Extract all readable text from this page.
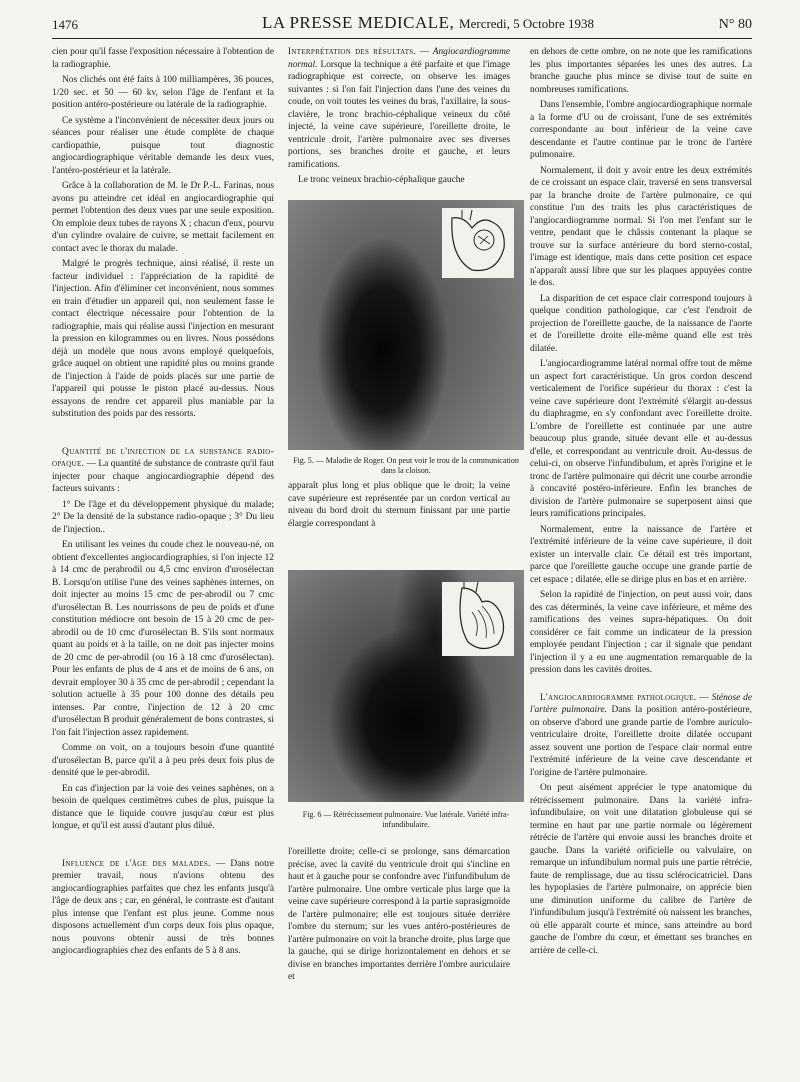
1476	LA PRESSE MEDICALE, Mercredi, 5 Octobre 1938	N° 80

cien pour qu'il fasse l'exposition nécessaire à l'obtention de la radiographie.

Nos clichés ont été faits à 100 milliampères, 36 pouces, 1/20 sec. et 50 — 60 kv, selon l'âge de l'enfant et la position antéro-postérieure ou latérale de la radiographie.

Ce système a l'inconvénient de nécessiter deux jours ou séances pour réaliser une étude complète de chaque cardiopathie, puisque tout diagnostic angiocardiographique véritable demande les deux vues, l'antéro-postérieur et la latérale.

Grâce à la collaboration de M. le Dr P.-L. Farinas, nous avons pu atteindre cet idéal en angiocardiographie qui permet l'obtention des deux vues par une seule exposition. On emploie deux tubes de rayons X ; chacun d'eux, pourvu d'un cylindre ovalaire de cuivre, se mettait facilement en contact avec le thorax du malade.

Malgré le progrès technique, ainsi réalisé, il reste un facteur individuel : l'appréciation de la rapidité de l'injection. Afin d'éliminer cet inconvénient, nous sommes en train d'étudier un appareil qui, non seulement fasse le contact électrique nécessaire pour l'obtention de la radiographie, mais qui réalise aussi l'injection en mesurant la pression en kilogrammes ou en livres. Nous possédons déjà un modèle que nous avons employé quelquefois, grâce auquel on obtient une rapidité plus ou moins grande de l'injection à l'aide de poids placés sur une partie de l'appareil qui pousse le piston placé au-dessus. Nous essayons de rendre cet appareil plus maniable par la substitution des poids par des ressorts.

Quantité de l'injection de la substance radio-opaque. — La quantité de substance de contraste qu'il faut injecter pour chaque angiocardiographie dépend des facteurs suivants :

1° De l'âge et du développement physique du malade; 2° De la densité de la substance radio-opaque ; 3° Du lieu de l'injection..

En utilisant les veines du coude chez le nouveau-né, on obtient d'excellentes angiocardiographies, si l'on injecte 12 à 14 cmc de perabrodil ou 4,5 cmc environ d'urosélectan B. Lorsqu'on utilise l'une des veines saphènes internes, on doit injecter au moins 15 cmc de per-abrodil ou 7 cmc d'urosélectan B. Les nourrissons de peu de poids et d'une constitution médiocre ont besoin de 15 à 20 cmc de per-abrodil ou de 10 cmc d'urosélectan B. S'ils sont normaux quant au poids et à la taille, on ne doit pas injecter moins de 20 cmc de per-abrodil (ou 16 à 18 cmc d'urosélectan). Pour les enfants de plus de 4 ans et de moins de 6 ans, on devrait employer 30 à 35 cmc de per-abrodil ; cependant la solution actuelle à 35 pour 100 donne des détails peu intenses. Par contre, l'injection de 12 à 20 cmc d'urosélectan B produit généralement de bons contrastes, si l'on fait l'injection assez rapidement.

Comme on voit, on a toujours besoin d'une quantité d'urosélectan B, parce qu'il a à peu près deux fois plus de densité que le per-abrodil.

En cas d'injection par la voie des veines saphènes, on a besoin de quelques centimètres cubes de plus, puisque la distance que le liquide couvre jusqu'au cœur est plus longue, et qu'il est aussi d'autant plus dilué.

Influence de l'âge des malades. — Dans notre premier travail, nous n'avions obtenu des angiocardiographies parfaites que chez les enfants jusqu'à l'âge de deux ans ; car, en général, le contraste est d'autant plus intense que l'enfant est plus jeune. Comme nous disposons actuellement d'un corps deux fois plus opaque, nous pouvons obtenir aussi de très bonnes angiocardiographies chez des enfants de 5 à 8 ans.

Interprétation des résultats. — Angiocardiogramme normal. Lorsque la technique a été parfaite et que l'image radiographique est correcte, on observe les images suivantes : si l'on fait l'injection dans l'une des veines du coude, on voit toutes les veines du bras, l'axillaire, la sous-clavière, le tronc brachio-céphalique veineux du côté injecté, la veine cave supérieure, l'oreillette droite, le ventricule droit, l'artère pulmonaire avec ses diverses portions, ses branches droite et gauche, et leurs ramifications.

Le tronc veineux brachio-céphalique gauche

Fig. 5. — Maladie de Roger. On peut voir le trou de la communication dans la cloison.

apparaît plus long et plus oblique que le droit; la veine cave supérieure est représentée par un cordon vertical au niveau du bord droit du sternum finissant par une partie élargie correspondant à

Fig. 6 — Rétrécissement pulmonaire. Vue latérale. Variété infra-infundibulaire.

l'oreillette droite; celle-ci se prolonge, sans démarcation précise, avec la cavité du ventricule droit qui s'incline en haut et à gauche pour se confondre avec l'infundibulum de l'artère pulmonaire. Une ombre verticale plus large que la veine cave supérieure correspond à la partie suprasigmoïde de l'artère pulmonaire; elle est toujours située derrière l'ombre du sternum; sur les vues antéro-postérieures de l'artère pulmonaire on voit la branche droite, plus large que la gauche, qui se dirige horizontalement en dehors et se divise en branches importantes derrière l'ombre auriculaire et

en dehors de cette ombre, on ne note que les ramifications les plus importantes séparées les unes des autres. La branche gauche plus mince se divise tout de suite en nombreuses ramifications.

Dans l'ensemble, l'ombre angiocardiographique normale a la forme d'U ou de croissant, l'une de ses extrémités correspondante au bout inférieur de la veine cave descendante et l'autre continue par le tronc de l'artère pulmonaire.

Normalement, il doit y avoir entre les deux extrémités de ce croissant un espace clair, traversé en sens transversal par la branche droite de l'artère pulmonaire, ce qui constitue l'un des traits les plus caractéristiques de l'angiocardiogramme normal. Si l'on met l'enfant sur le ventre, pendant que le châssis contenant la plaque se trouve sur la surface antérieure du bord sterno-costal, l'image est identique, mais dans cette position cet espace n'apparaît aussi libre que sur les plaques appuyées contre le dos.

La disparition de cet espace clair correspond toujours à quelque condition pathologique, car c'est l'endroit de projection de l'oreillette gauche, de la naissance de l'aorte et de l'oreillette droite elle-même quand elle est très dilatée.

L'angiocardiogramme latéral normal offre tout de même un aspect fort caractéristique. Un gros cordon descend verticalement de l'orifice supérieur du thorax : c'est la veine cave supérieure dont l'extrémité s'élargit au-dessus du diaphragme, en s'y confondant avec l'oreillette droite. L'ombre de l'oreillette est continuée par une autre beaucoup plus grande, située devant elle et au-dessus d'elle, et correspondant au ventricule droit. Au-dessus de celui-ci, on observe l'infundibulum, et après l'origine et le tronc de l'artère pulmonaire qui décrit une courbe arrondie à concavité postéro-inférieure. Enfin les branches de division de l'artère pulmonaire se superposent ainsi que leurs ramifications principales.

Normalement, entre la naissance de l'artère et l'extrémité inférieure de la veine cave supérieure, il doit exister un intervalle clair. Ce détail est très important, parce que l'oreillette gauche occupe une grande partie de cet espace ; dilatée, elle se dirige plus en bas et en arrière.

Selon la rapidité de l'injection, on peut aussi voir, dans des cas déterminés, la veine cave inférieure, et même des ramifications des veines supra-hépatiques. On doit considérer ce fait comme un indicateur de la pression employée pendant l'injection ; car il signale que pendant l'injection il y a eu une augmentation remarquable de la pression dans les cavités droites.

L'angiocardiogramme pathologique. — Sténose de l'artère pulmonaire. Dans la position antéro-postérieure, on observe d'abord une grande partie de l'ombre auriculo-ventriculaire droite, l'oreillette droite dilatée occupant assez souvent une portion de l'espace clair normal entre l'extrémité inférieure de la veine cave descendante et l'origine de l'artère pulmonaire.

On peut aisément apprécier le type anatomique du rétrécissement pulmonaire. Dans la variété infra-infundibulaire, on voit une dilatation globuleuse qui se termine en haut par une partie normale ou légèrement rétrécie de l'artère qui envoie aussi les branches droite et gauche. Dans la variété orificielle ou valvulaire, on remarque un infundibulum normal puis une partie rétrécie, faute de remplissage, due au tissu sclérocicatriciel. Dans les hypoplasies de l'artère pulmonaire, on apprécie bien une diminution uniforme du calibre de l'artère de l'infundibulum jusqu'à l'extrémité où naissent les branches, où elle apparaît courte et mince, sans atteindre au bord gauche de l'ombre du cœur, et émettant ses branches en arrière de celle-ci.
